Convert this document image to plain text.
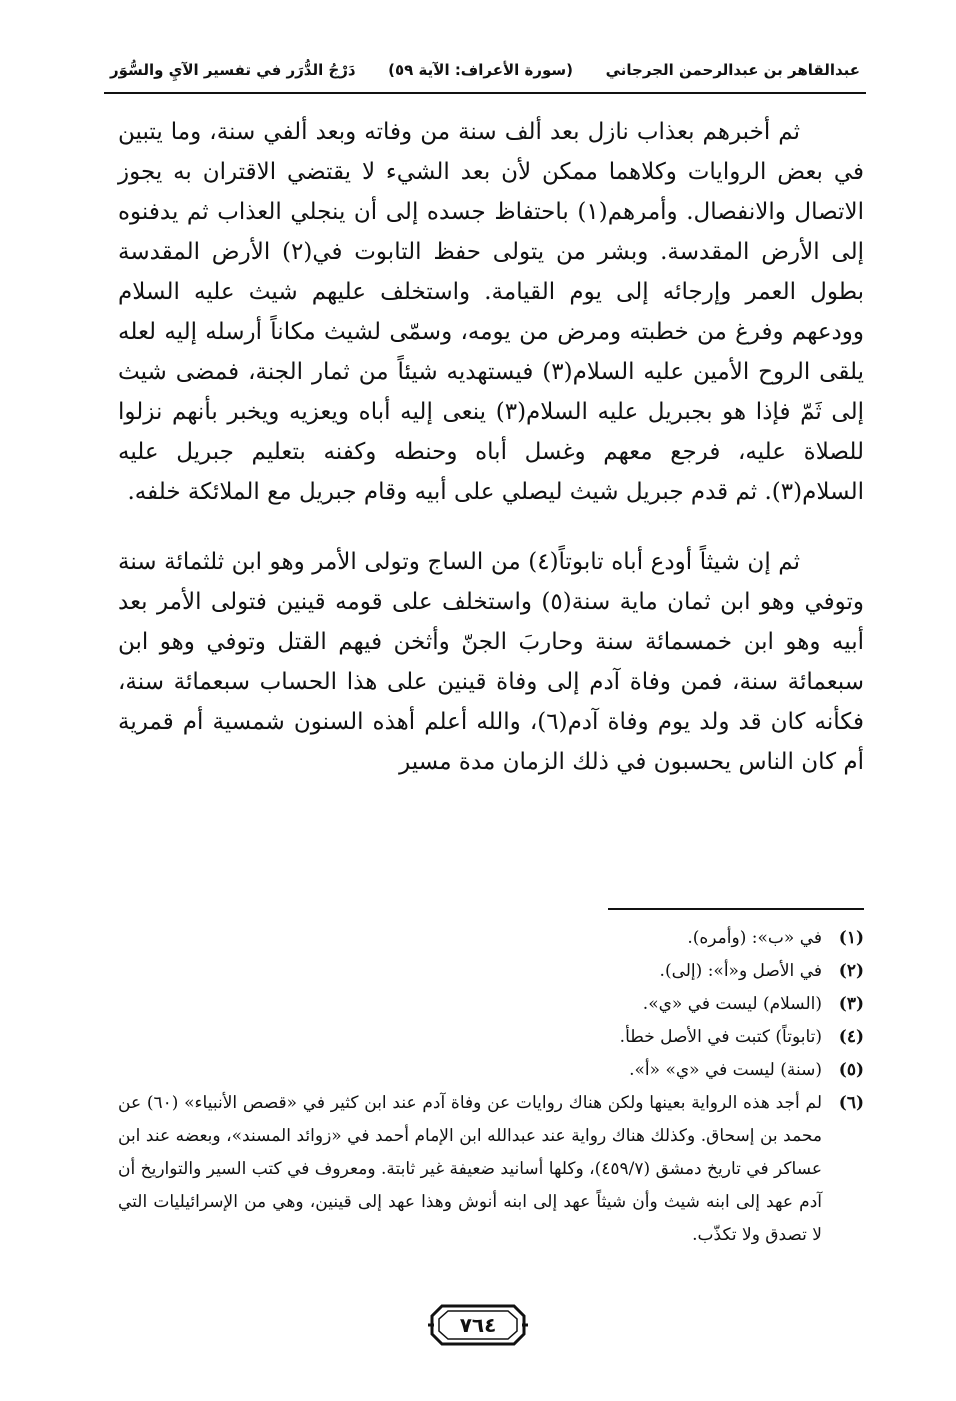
عبدالقاهر بن عبدالرحمن الجرجاني
(سورة الأعراف: الآية ٥٩)
دَرْجُ الدُّرَر في تفسير الآيِ والسُّوَر

ثم أخبرهم بعذاب نازل بعد ألف سنة من وفاته وبعد ألفي سنة، وما يتبين في بعض الروايات وكلاهما ممكن لأن بعد الشيء لا يقتضي الاقتران به يجوز الاتصال والانفصال. وأمرهم(١) باحتفاظ جسده إلى أن ينجلي العذاب ثم يدفنوه إلى الأرض المقدسة. وبشر من يتولى حفظ التابوت في(٢) الأرض المقدسة بطول العمر وإرجائه إلى يوم القيامة. واستخلف عليهم شيث عليه السلام وودعهم وفرغ من خطبته ومرض من يومه، وسمّى لشيث مكاناً أرسله إليه لعله يلقى الروح الأمين عليه السلام(٣) فيستهديه شيئاً من ثمار الجنة، فمضى شيث إلى ثَمّ فإذا هو بجبريل عليه السلام(٣) ينعى إليه أباه ويعزيه ويخبر بأنهم نزلوا للصلاة عليه، فرجع معهم وغسل أباه وحنطه وكفنه بتعليم جبريل عليه السلام(٣). ثم قدم جبريل شيث ليصلي على أبيه وقام جبريل مع الملائكة خلفه.

ثم إن شيثاً أودع أباه تابوتاً(٤) من الساج وتولى الأمر وهو ابن ثلثمائة سنة وتوفي وهو ابن ثمان ماية سنة(٥) واستخلف على قومه قينين فتولى الأمر بعد أبيه وهو ابن خمسمائة سنة وحاربَ الجنّ وأثخن فيهم القتل وتوفي وهو ابن سبعمائة سنة، فمن وفاة آدم إلى وفاة قينين على هذا الحساب سبعمائة سنة، فكأنه كان قد ولد يوم وفاة آدم(٦)، والله أعلم أهذه السنون شمسية أم قمرية أم كان الناس يحسبون في ذلك الزمان مدة مسير

(١)
في «ب»: (وأمره).
(٢)
في الأصل و«أ»: (إلى).
(٣)
(السلام) ليست في «ي».
(٤)
(تابوتاً) كتبت في الأصل خطأ.
(٥)
(سنة) ليست في «ي» «أ».
(٦)
لم أجد هذه الرواية بعينها ولكن هناك روايات عن وفاة آدم عند ابن كثير في «قصص الأنبياء» (٦٠) عن محمد بن إسحاق. وكذلك هناك رواية عند عبدالله ابن الإمام أحمد في «زوائد المسند»، وبعضه عند ابن عساكر في تاريخ دمشق (٤٥٩/٧)، وكلها أسانيد ضعيفة غير ثابتة. ومعروف في كتب السير والتواريخ أن آدم عهد إلى ابنه شيث وأن شيثاً عهد إلى ابنه أنوش وهذا عهد إلى قينين، وهي من الإسرائيليات التي لا تصدق ولا تكذّب.
٧٦٤
